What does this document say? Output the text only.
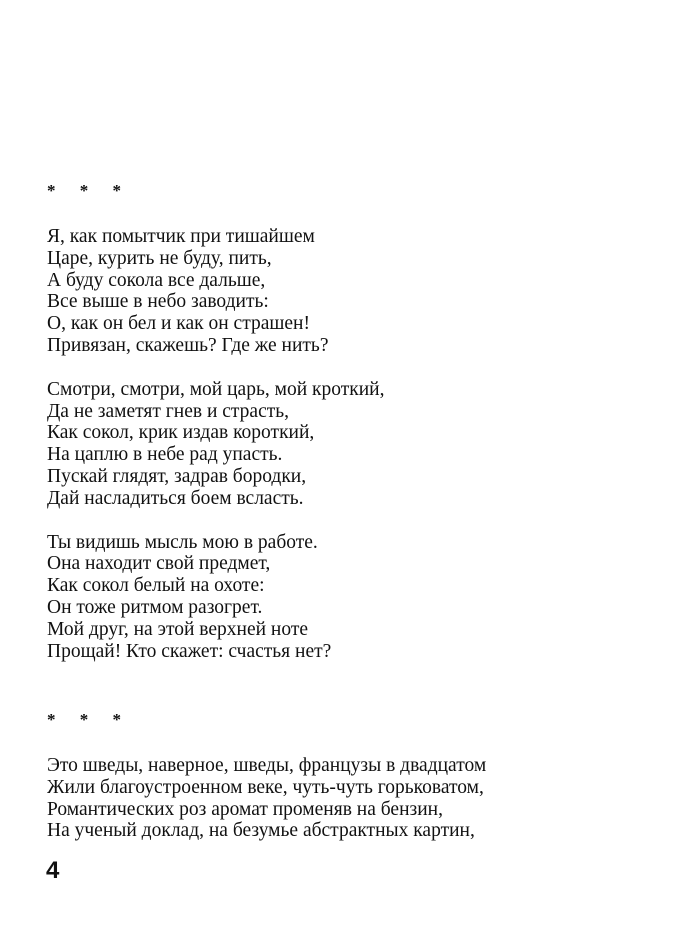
* * *
Я, как помытчик при тишайшем
Царе, курить не буду, пить,
А буду сокола все дальше,
Все выше в небо заводить:
О, как он бел и как он страшен!
Привязан, скажешь? Где же нить?
Смотри, смотри, мой царь, мой кроткий,
Да не заметят гнев и страсть,
Как сокол, крик издав короткий,
На цаплю в небе рад упасть.
Пускай глядят, задрав бородки,
Дай насладиться боем всласть.
Ты видишь мысль мою в работе.
Она находит свой предмет,
Как сокол белый на охоте:
Он тоже ритмом разогрет.
Мой друг, на этой верхней ноте
Прощай! Кто скажет: счастья нет?
* * *
Это шведы, наверное, шведы, французы в двадцатом
Жили благоустроенном веке, чуть-чуть горьковатом,
Романтических роз аромат променяв на бензин,
На ученый доклад, на безумье абстрактных картин,
4
